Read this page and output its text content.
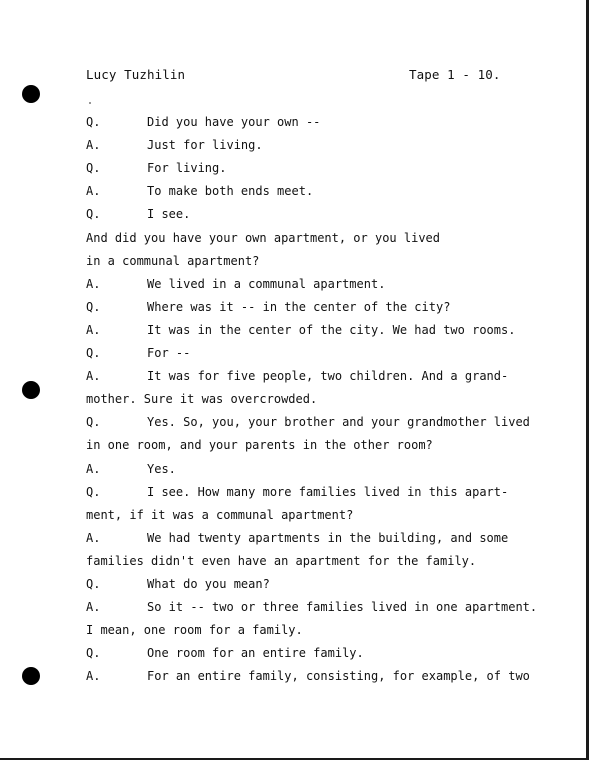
Lucy Tuzhilin	Tape 1 - 10.
Q.	Did you have your own --
A.	Just for living.
Q.	For living.
A.	To make both ends meet.
Q.	I see.
And did you have your own apartment, or you lived
in a communal apartment?
A.	We lived in a communal apartment.
Q.	Where was it -- in the center of the city?
A.	It was in the center of the city. We had two rooms.
Q.	For --
A.	It was for five people, two children. And a grand-
mother. Sure it was overcrowded.
Q.	Yes. So, you, your brother and your grandmother lived
in one room, and your parents in the other room?
A.	Yes.
Q.	I see. How many more families lived in this apart-
ment, if it was a communal apartment?
A.	We had twenty apartments in the building, and some
families didn't even have an apartment for the family.
Q.	What do you mean?
A.	So it -- two or three families lived in one apartment.
I mean, one room for a family.
Q.	One room for an entire family.
A.	For an entire family, consisting, for example, of two
